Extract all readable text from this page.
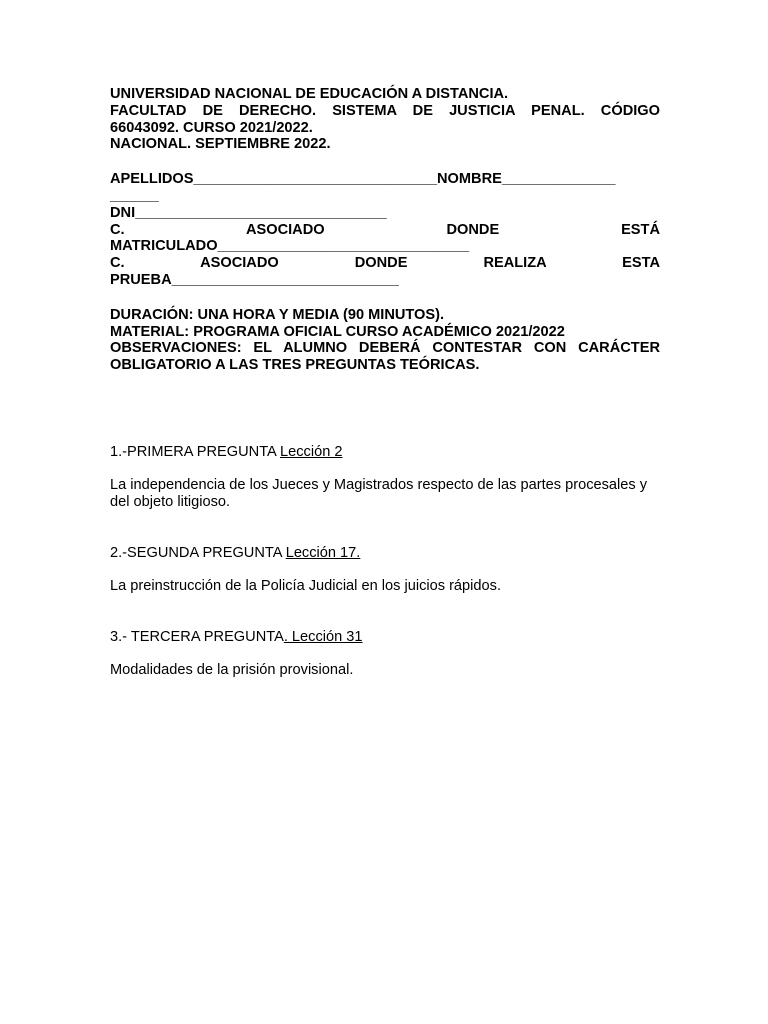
UNIVERSIDAD NACIONAL DE EDUCACIÓN A DISTANCIA.

FACULTAD DE DERECHO. SISTEMA DE JUSTICIA PENAL. CÓDIGO

66043092. CURSO 2021/2022.

NACIONAL. SEPTIEMBRE 2022.

APELLIDOS______________________________NOMBRE______________

______

DNI_______________________________

C. ASOCIADO DONDE ESTÁ

MATRICULADO_______________________________

C. ASOCIADO DONDE REALIZA ESTA

PRUEBA____________________________

DURACIÓN: UNA HORA Y MEDIA (90 MINUTOS).

MATERIAL: PROGRAMA OFICIAL CURSO ACADÉMICO 2021/2022

OBSERVACIONES: EL ALUMNO DEBERÁ CONTESTAR CON CARÁCTER

OBLIGATORIO A LAS TRES PREGUNTAS TEÓRICAS.

1.-PRIMERA PREGUNTA Lección 2

La independencia de los Jueces y Magistrados respecto de las partes procesales y del objeto litigioso.

2.-SEGUNDA PREGUNTA Lección 17.

La preinstrucción de la Policía Judicial en los juicios rápidos.

3.- TERCERA PREGUNTA. Lección 31

Modalidades de la prisión provisional.
